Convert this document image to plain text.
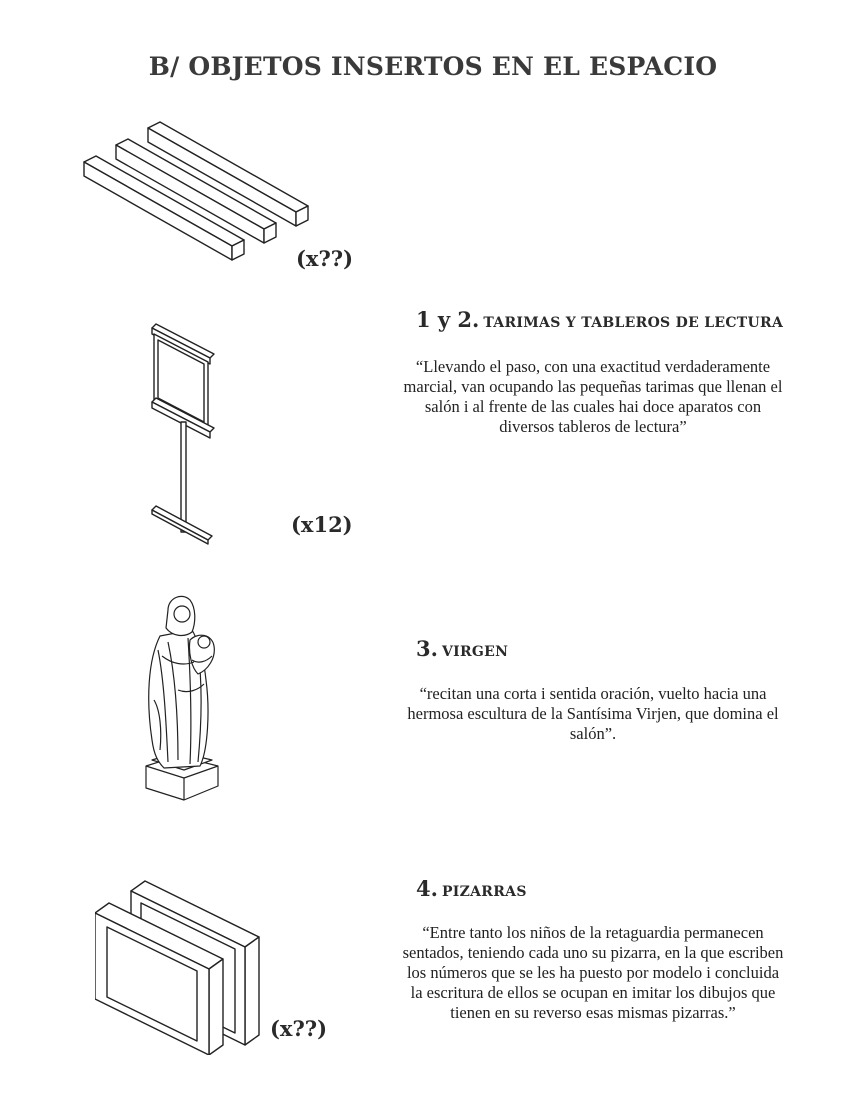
B/ OBJETOS INSERTOS EN EL ESPACIO
(x??)
(x12)
1 y 2. TARIMAS Y TABLEROS DE LECTURA
“Llevando el paso, con una exactitud verdaderamente marcial, van ocupando las pequeñas tarimas que llenan el salón i al frente de las cuales hai doce aparatos con diversos tableros de lectura”
3. VIRGEN
“recitan una corta i sentida oración, vuelto hacia una hermosa escultura de la Santísima Virjen, que domina el salón”.
(x??)
4. PIZARRAS
“Entre tanto los niños de la retaguardia permanecen sentados, teniendo cada uno su pizarra, en la que escriben los números que se les ha puesto por modelo i concluida la escritura de ellos se ocupan en imitar los dibujos que tienen en su reverso esas mismas pizarras.”
